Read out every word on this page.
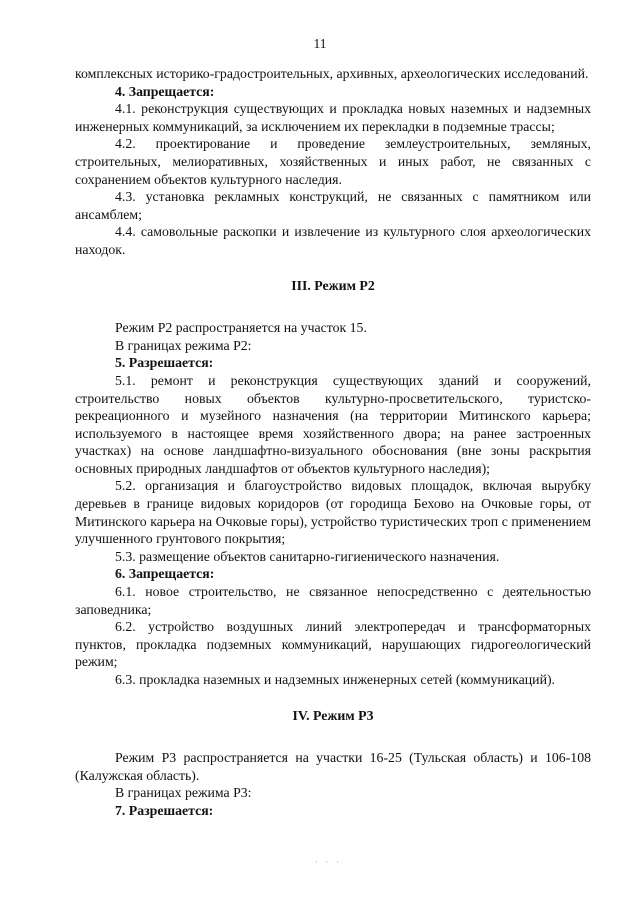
11

комплексных историко-градостроительных, архивных, археологических исследований.

4. Запрещается:

4.1. реконструкция существующих и прокладка новых наземных и надземных инженерных коммуникаций, за исключением их перекладки в подземные трассы;

4.2. проектирование и проведение землеустроительных, земляных, строительных, мелиоративных, хозяйственных и иных работ, не связанных с сохранением объектов культурного наследия.

4.3. установка рекламных конструкций, не связанных с памятником или ансамблем;

4.4. самовольные раскопки и извлечение из культурного слоя археологических находок.

III. Режим Р2

Режим Р2 распространяется на участок 15.

В границах режима Р2:

5. Разрешается:

5.1. ремонт и реконструкция существующих зданий и сооружений, строительство новых объектов культурно-просветительского, туристско-рекреационного и музейного назначения (на территории Митинского карьера; используемого в настоящее время хозяйственного двора; на ранее застроенных участках) на основе ландшафтно-визуального обоснования (вне зоны раскрытия основных природных ландшафтов от объектов культурного наследия);

5.2. организация и благоустройство видовых площадок, включая вырубку деревьев в границе видовых коридоров (от городища Бехово на Очковые горы, от Митинского карьера на Очковые горы), устройство туристических троп с применением улучшенного грунтового покрытия;

5.3. размещение объектов санитарно-гигиенического назначения.

6. Запрещается:

6.1. новое строительство, не связанное непосредственно с деятельностью заповедника;

6.2. устройство воздушных линий электропередач и трансформаторных пунктов, прокладка подземных коммуникаций, нарушающих гидрогеологический режим;

6.3. прокладка наземных и надземных инженерных сетей (коммуникаций).

IV. Режим Р3

Режим Р3 распространяется на участки 16-25 (Тульская область) и 106-108 (Калужская область).

В границах режима Р3:

7. Разрешается:

· · ·
